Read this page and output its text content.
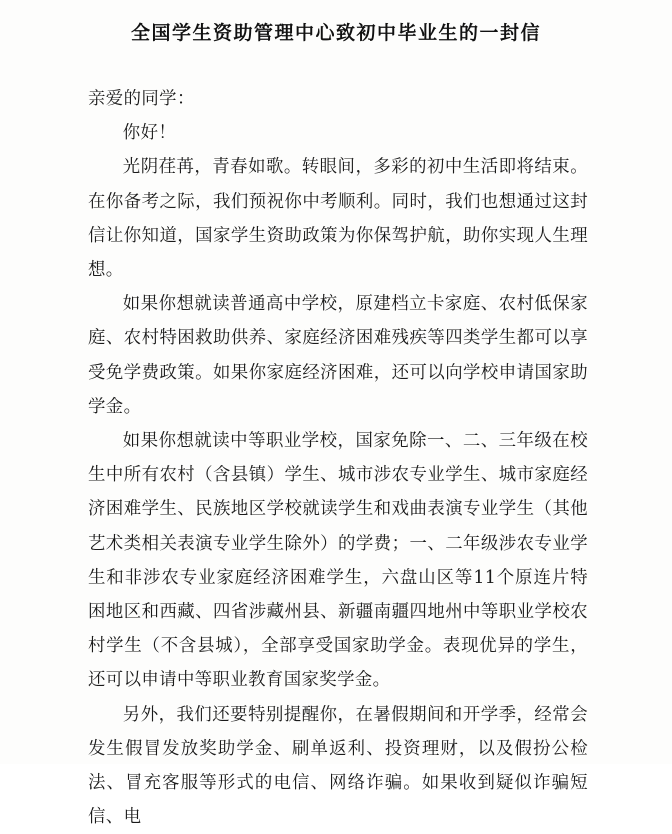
全国学生资助管理中心致初中毕业生的一封信

亲爱的同学：

你好！

光阴荏苒，青春如歌。转眼间，多彩的初中生活即将结束。在你备考之际，我们预祝你中考顺利。同时，我们也想通过这封信让你知道，国家学生资助政策为你保驾护航，助你实现人生理想。

如果你想就读普通高中学校，原建档立卡家庭、农村低保家庭、农村特困救助供养、家庭经济困难残疾等四类学生都可以享受免学费政策。如果你家庭经济困难，还可以向学校申请国家助学金。

如果你想就读中等职业学校，国家免除一、二、三年级在校生中所有农村（含县镇）学生、城市涉农专业学生、城市家庭经济困难学生、民族地区学校就读学生和戏曲表演专业学生（其他艺术类相关表演专业学生除外）的学费；一、二年级涉农专业学生和非涉农专业家庭经济困难学生，六盘山区等11个原连片特困地区和西藏、四省涉藏州县、新疆南疆四地州中等职业学校农村学生（不含县城），全部享受国家助学金。表现优异的学生，还可以申请中等职业教育国家奖学金。

另外，我们还要特别提醒你，在暑假期间和开学季，经常会发生假冒发放奖助学金、刷单返利、投资理财，以及假扮公检法、冒充客服等形式的电信、网络诈骗。如果收到疑似诈骗短信、电
